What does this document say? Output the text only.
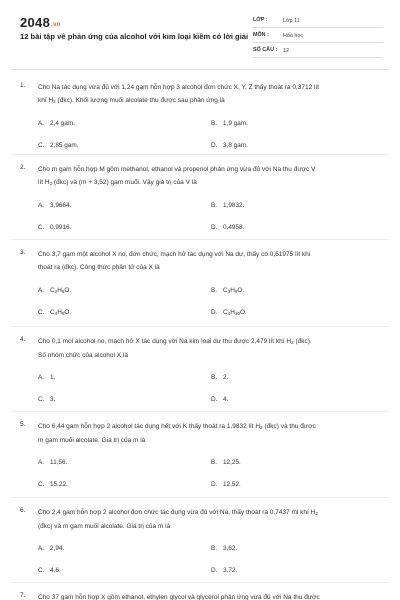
2048.vn
12 bài tập về phản ứng của alcohol với kim loại kiềm có lời giải
LỚP :	Lớp 11
MÔN :	Hóa học
SỐ CÂU : 12
1. Cho Na tác dụng vừa đủ với 1,24 gam hỗn hợp 3 alcohol đơn chức X, Y, Z thấy thoát ra 0,3712 lít
khí $H_2$ (đkc). Khối lượng muối alcolate thu được sau phản ứng là
A. 2,4 gam.	B. 1,9 gam.
C. 2,85 gam.	D. 3,8 gam.
2. Cho m gam hỗn hợp M gồm methanol, ethanol và propenol phản ứng vừa đủ với Na thu được V
lít $H_2$ (đkc) và (m + 3,52) gam muối. Vậy giá trị của V là
A. 3,9664.	B. 1,9832.
C. 0,9916.	D. 0,4958.
3. Cho 3,7 gam một alcohol X no, đơn chức, mạch hở tác dụng với Na dư, thấy có 0,61975 lít khí
thoát ra (đkc). Công thức phân tử của X là
A. $C_2H_6O$.	B. $C_3H_8O$.
C. $C_4H_8O$.	D. $C_4H_{10}O$.
4. Cho 0,1 mol alcohol no, mạch hở X tác dụng với Na kim loại dư thu được 2,479 lít khí $H_2$ (đkc).
Số nhóm chức của alcohol X là
A. 1.	B. 2.
C. 3.	D. 4.
5. Cho 6,44 gam hỗn hợp 2 alcohol tác dụng hết với K thấy thoát ra 1,9832 lít $H_2$ (đkc) và thu được
m gam muối alcolate. Giá trị của m là
A. 11,56.	B. 12,25.
C. 15,22.	D. 12,52.
6. Cho 2,4 gam hỗn hợp 2 alcohol đơn chức tác dụng vừa đủ với Na, thấy thoát ra 0,7437 ml khí $H_2$
(đkc) và m gam muối alcolate. Giá trị của m là
A. 2,94.	B. 3,62.
C. 4,6.	D. 3,72.
7. Cho 37 gam hỗn hợp X gồm ethanol, ethylen glycol và glycerol phản ứng vừa đủ với Na thu được
